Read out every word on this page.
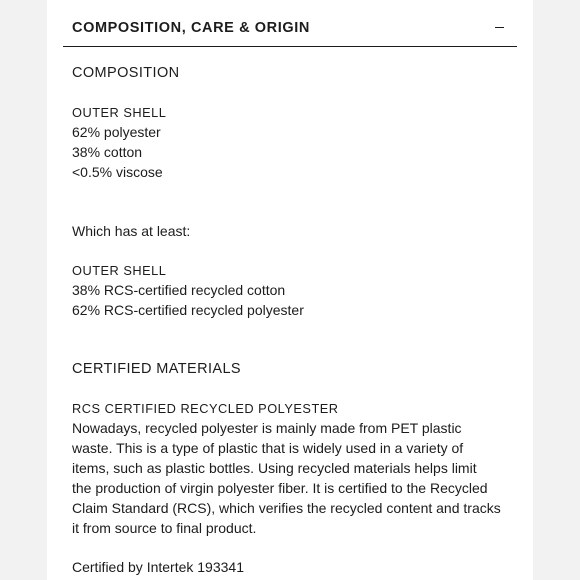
COMPOSITION, CARE & ORIGIN
COMPOSITION
OUTER SHELL
62% polyester
38% cotton
<0.5% viscose
Which has at least:
OUTER SHELL
38% RCS-certified recycled cotton
62% RCS-certified recycled polyester
CERTIFIED MATERIALS
RCS CERTIFIED RECYCLED POLYESTER
Nowadays, recycled polyester is mainly made from PET plastic
waste. This is a type of plastic that is widely used in a variety of
items, such as plastic bottles. Using recycled materials helps limit
the production of virgin polyester fiber. It is certified to the Recycled
Claim Standard (RCS), which verifies the recycled content and tracks
it from source to final product.
Certified by Intertek 193341
